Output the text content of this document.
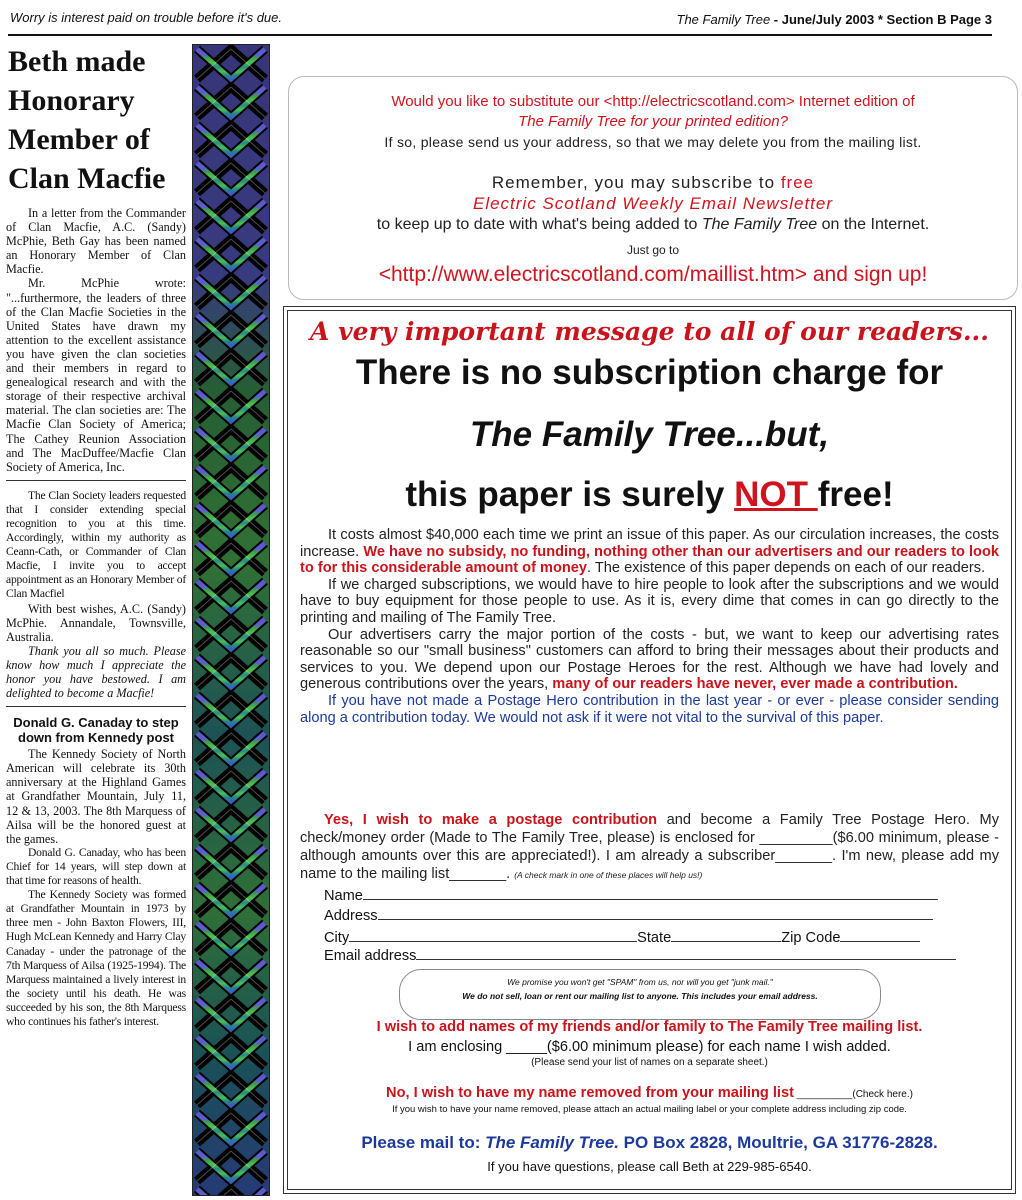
Worry is interest paid on trouble before it's due.	The Family Tree - June/July 2003 * Section B Page 3
Beth made Honorary Member of Clan Macfie

In a letter from the Commander of Clan Macfie, A.C. (Sandy) McPhie, Beth Gay has been named an Honorary Member of Clan Macfie.

Mr. McPhie wrote: "...furthermore, the leaders of three of the Clan Macfie Societies in the United States have drawn my attention to the excellent assistance you have given the clan societies and their members in regard to genealogical research and with the storage of their respective archival material. The clan societies are: The Macfie Clan Society of America; The Cathey Reunion Association and The MacDuffee/Macfie Clan Society of America, Inc.

The Clan Society leaders requested that I consider extending special recognition to you at this time. Accordingly, within my authority as Ceann-Cath, or Commander of Clan Macfie, I invite you to accept appointment as an Honorary Member of Clan Macfiel

With best wishes, A.C. (Sandy) McPhie. Annandale, Townsville, Australia.

Thank you all so much. Please know how much I appreciate the honor you have bestowed. I am delighted to become a Macfie!

Donald G. Canaday to step down from Kennedy post

The Kennedy Society of North American will celebrate its 30th anniversary at the Highland Games at Grandfather Mountain, July 11, 12 & 13, 2003. The 8th Marquess of Ailsa will be the honored guest at the games.

Donald G. Canaday, who has been Chief for 14 years, will step down at that time for reasons of health.

The Kennedy Society was formed at Grandfather Mountain in 1973 by three men - John Baxton Flowers, III, Hugh McLean Kennedy and Harry Clay Canaday - under the patronage of the 7th Marquess of Ailsa (1925-1994). The Marquess maintained a lively interest in the society until his death. He was succeeded by his son, the 8th Marquess who continues his father's interest.

Would you like to substitute our <http://electricscotland.com> Internet edition of
The Family Tree for your printed edition?
If so, please send us your address, so that we may delete you from the mailing list.
Remember, you may subscribe to free
Electric Scotland Weekly Email Newsletter
to keep up to date with what's being added to The Family Tree on the Internet.
Just go to
<http://www.electricscotland.com/maillist.htm> and sign up!
A very important message to all of our readers...
There is no subscription charge for
The Family Tree...but,
this paper is surely NOT free!

It costs almost $40,000 each time we print an issue of this paper. As our circulation increases, the costs increase. We have no subsidy, no funding, nothing other than our advertisers and our readers to look to for this considerable amount of money. The existence of this paper depends on each of our readers.

If we charged subscriptions, we would have to hire people to look after the subscriptions and we would have to buy equipment for those people to use. As it is, every dime that comes in can go directly to the printing and mailing of The Family Tree.

Our advertisers carry the major portion of the costs - but, we want to keep our advertising rates reasonable so our "small business" customers can afford to bring their messages about their products and services to you. We depend upon our Postage Heroes for the rest. Although we have had lovely and generous contributions over the years, many of our readers have never, ever made a contribution.

If you have not made a Postage Hero contribution in the last year - or ever - please consider sending along a contribution today. We would not ask if it were not vital to the survival of this paper.

Yes, I wish to make a postage contribution and become a Family Tree Postage Hero. My check/money order (Made to The Family Tree, please) is enclosed for _________($6.00 minimum, please - although amounts over this are appreciated!). I am already a subscriber_______. I'm new, please add my name to the mailing list_______. (A check mark in one of these places will help us!)

Name
Address
City	State	Zip Code
Email address
We promise you won't get "SPAM" from us, nor will you get "junk mail."
We do not sell, loan or rent our mailing list to anyone. This includes your email address.
I wish to add names of my friends and/or family to The Family Tree mailing list.
I am enclosing _____($6.00 minimum please) for each name I wish added.
(Please send your list of names on a separate sheet.)
No, I wish to have my name removed from your mailing list __________(Check here.)
If you wish to have your name removed, please attach an actual mailing label or your complete address including zip code.
Please mail to: The Family Tree. PO Box 2828, Moultrie, GA 31776-2828.
If you have questions, please call Beth at 229-985-6540.
